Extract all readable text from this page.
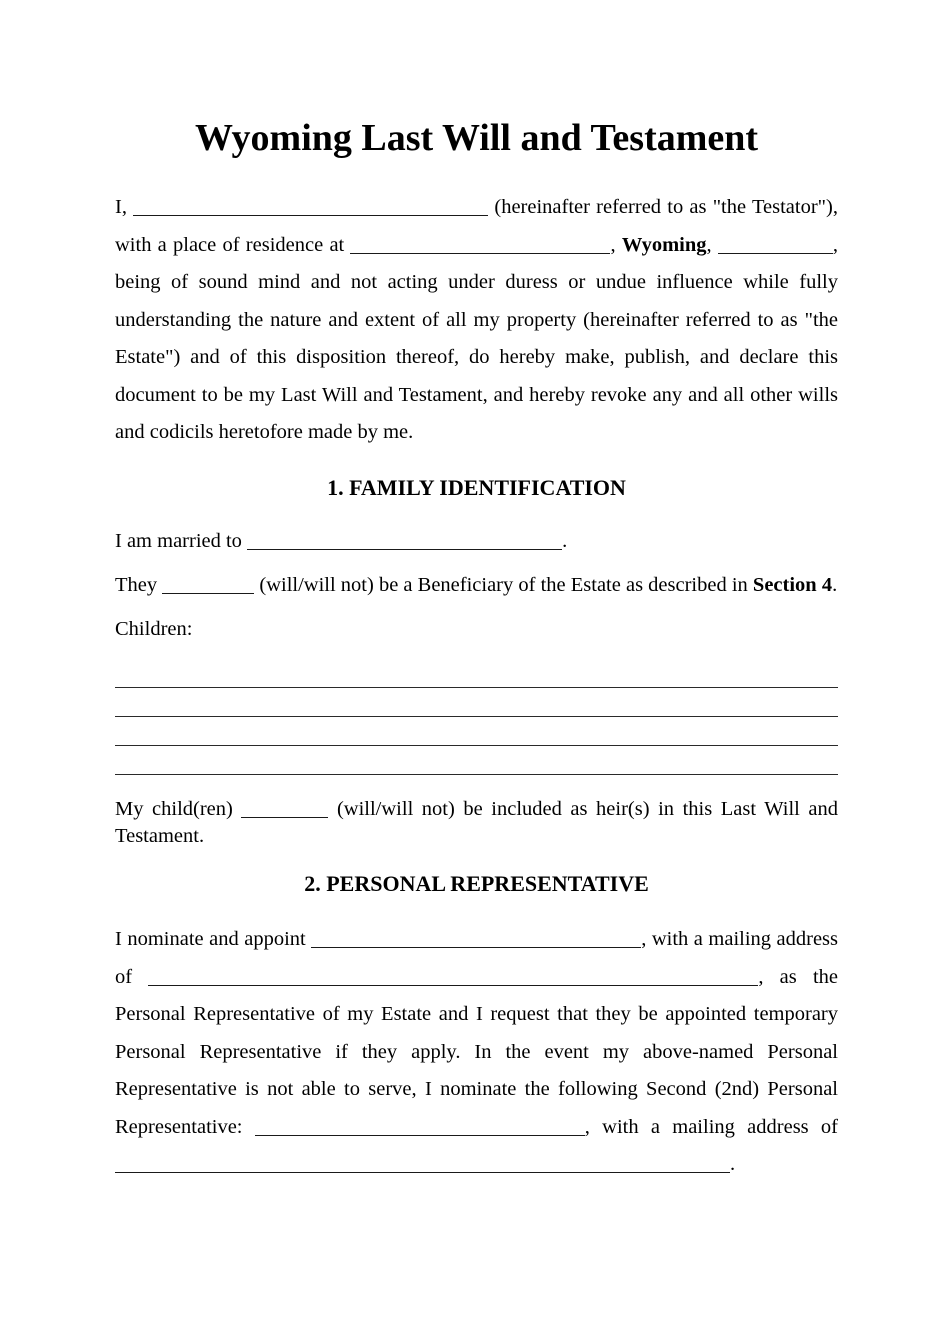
Wyoming Last Will and Testament

I,	(hereinafter referred to as "the Testator"), with a place of residence at	, Wyoming,	, being of sound mind and not acting under duress or undue influence while fully understanding the nature and extent of all my property (hereinafter referred to as "the Estate") and of this disposition thereof, do hereby make, publish, and declare this document to be my Last Will and Testament, and hereby revoke any and all other wills and codicils heretofore made by me.

1. FAMILY IDENTIFICATION

I am married to	.

They	(will/will not) be a Beneficiary of the Estate as described in Section 4.

Children:

My child(ren)	(will/will not) be included as heir(s) in this Last Will and Testament.

2. PERSONAL REPRESENTATIVE

I nominate and appoint	, with a mailing address of	, as the Personal Representative of my Estate and I request that they be appointed temporary Personal Representative if they apply. In the event my above-named Personal Representative is not able to serve, I nominate the following Second (2nd) Personal Representative:	, with a mailing address of .
